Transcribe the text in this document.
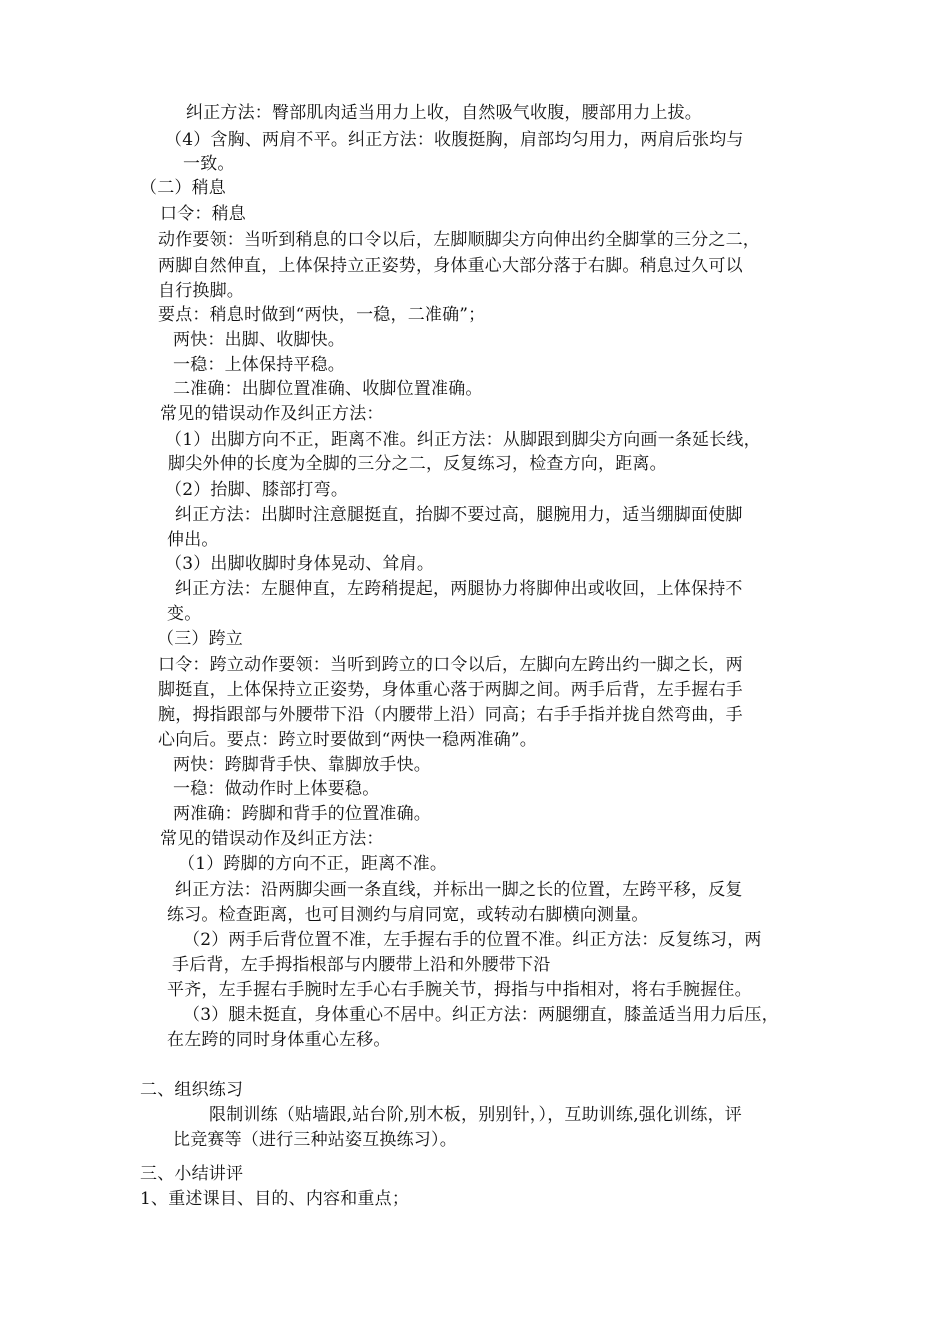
纠正方法：臀部肌肉适当用力上收，自然吸气收腹，腰部用力上拔。
（4）含胸、两肩不平。纠正方法：收腹挺胸，肩部均匀用力，两肩后张均与
一致。
（二）稍息
口令：稍息
动作要领：当听到稍息的口令以后，左脚顺脚尖方向伸出约全脚掌的三分之二，
两脚自然伸直，上体保持立正姿势，身体重心大部分落于右脚。稍息过久可以
自行换脚。
要点：稍息时做到“两快，一稳，二准确”；
两快：出脚、收脚快。
一稳：上体保持平稳。
二准确：出脚位置准确、收脚位置准确。
常见的错误动作及纠正方法：
（1）出脚方向不正，距离不准。纠正方法：从脚跟到脚尖方向画一条延长线，
脚尖外伸的长度为全脚的三分之二，反复练习，检查方向，距离。
（2）抬脚、膝部打弯。
纠正方法：出脚时注意腿挺直，抬脚不要过高，腿腕用力，适当绷脚面使脚
伸出。
（3）出脚收脚时身体晃动、耸肩。
纠正方法：左腿伸直，左跨稍提起，两腿协力将脚伸出或收回，上体保持不
变。
（三）跨立
口令：跨立动作要领：当听到跨立的口令以后，左脚向左跨出约一脚之长，两
脚挺直，上体保持立正姿势，身体重心落于两脚之间。两手后背，左手握右手
腕，拇指跟部与外腰带下沿（内腰带上沿）同高；右手手指并拢自然弯曲，手
心向后。要点：跨立时要做到“两快一稳两准确”。
两快：跨脚背手快、靠脚放手快。
一稳：做动作时上体要稳。
两准确：跨脚和背手的位置准确。
常见的错误动作及纠正方法：
（1）跨脚的方向不正，距离不准。
纠正方法：沿两脚尖画一条直线，并标出一脚之长的位置，左跨平移，反复
练习。检查距离，也可目测约与肩同宽，或转动右脚横向测量。
（2）两手后背位置不准，左手握右手的位置不准。纠正方法：反复练习，两
手后背，左手拇指根部与内腰带上沿和外腰带下沿
平齐，左手握右手腕时左手心右手腕关节，拇指与中指相对，将右手腕握住。
（3）腿未挺直，身体重心不居中。纠正方法：两腿绷直，膝盖适当用力后压，
在左跨的同时身体重心左移。
二、组织练习
限制训练（贴墙跟,站台阶,别木板，别别针，），互助训练,强化训练，评
比竞赛等（进行三种站姿互换练习）。
三、小结讲评
1、重述课目、目的、内容和重点；
